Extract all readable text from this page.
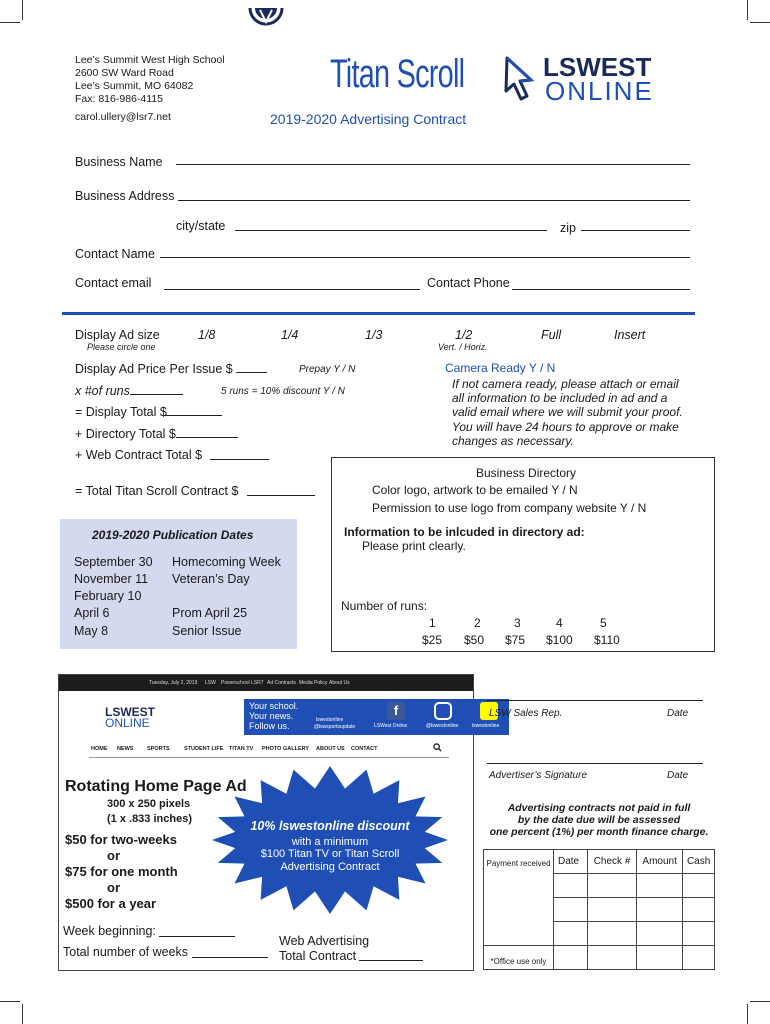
Lee’s Summit West High School
2600 SW Ward Road
Lee’s Summit, MO 64082
Fax: 816-986-4115
carol.ullery@lsr7.net
Titan Scroll
2019-2020 Advertising Contract
LSWEST
ONLINE
Business Name
Business Address
city/state	zip
Contact Name
Contact email	Contact Phone
Display Ad size
Please circle one
1/8	1/4	1/3	1/2	Full	Insert
Vert. / Horiz.
Display Ad Price Per Issue $	Prepay Y / N
x #of runs	5 runs = 10% discount Y / N
= Display Total $
+ Directory Total $
+ Web Contract Total $
= Total Titan Scroll Contract $
Camera Ready Y / N
If not camera ready, please attach or email
all information to be included in ad and a
valid email where we will submit your proof.
You will have 24 hours to approve or make
changes as necessary.
2019-2020 Publication Dates
September 30 Homecoming Week
November 11 Veteran’s Day
February 10
April 6	Prom April 25
May 8	Senior Issue
Business Directory
Color logo, artwork to be emailed Y / N
Permission to use logo from company website Y / N
Information to be inlcuded in directory ad:
Please print clearly.
Number of runs:
1	2	3	4	5
$25 $50 $75 $100 $110
Tuesday, July 2, 2019 LSW Powerschool LSR7 Ad Contracts Media Policy About Us
LSWEST
ONLINE
Your school.
Your news.
Follow us.
lswestonline
@lswsportsupdate
f
LSWest Online	@lswestonline	lswestonline
HOME NEWS SPORTS	STUDENT LIFE TITAN TV PHOTO GALLERY ABOUT US CONTACT
Rotating Home Page Ad
300 x 250 pixels
(1 x .833 inches)
$50 for two-weeks
or
$75 for one month
or
$500 for a year
Week beginning:
Total number of weeks
Web Advertising
Total Contract
10% lswestonline discount
with a minimum
$100 Titan TV or Titan Scroll
Advertising Contract
LSW Sales Rep.	Date
Advertiser’s Signature	Date
Advertising contracts not paid in full
by the date due will be assessed
one percent (1%) per month finance charge.
Payment received	Date	Check #	Amount	Cash

*Office use only				
